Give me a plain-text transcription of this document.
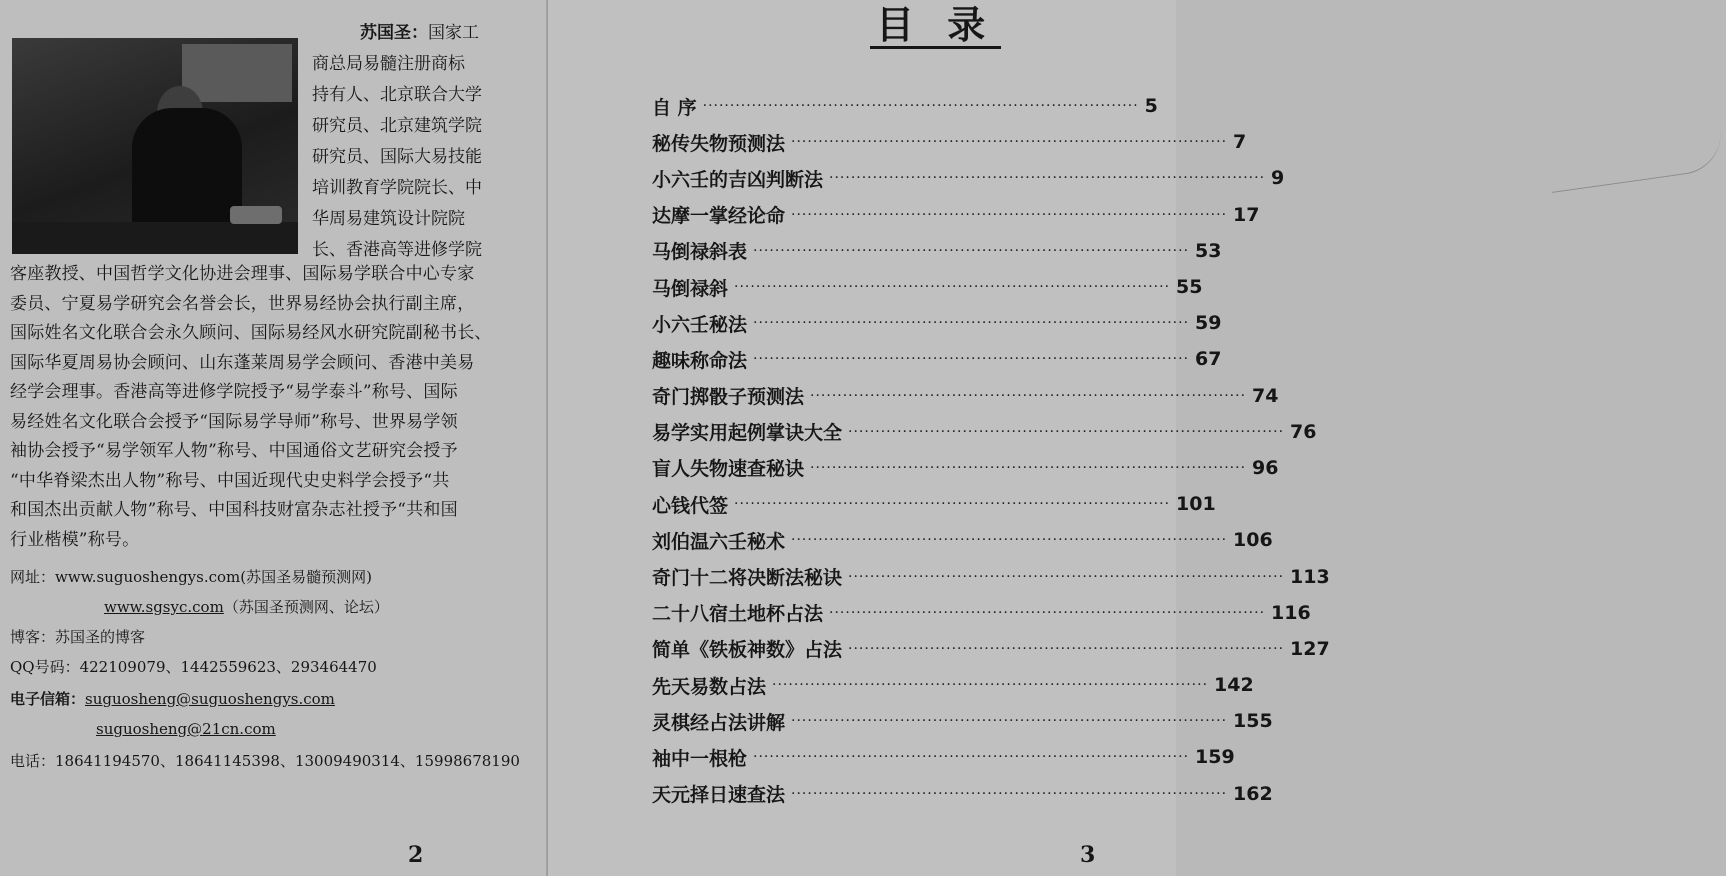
苏国圣：国家工
商总局易髓注册商标
持有人、北京联合大学
研究员、北京建筑学院
研究员、国际大易技能
培训教育学院院长、中
华周易建筑设计院院
长、香港高等进修学院
客座教授、中国哲学文化协进会理事、国际易学联合中心专家
委员、宁夏易学研究会名誉会长，世界易经协会执行副主席，
国际姓名文化联合会永久顾问、国际易经风水研究院副秘书长、
国际华夏周易协会顾问、山东蓬莱周易学会顾问、香港中美易
经学会理事。香港高等进修学院授予“易学泰斗”称号、国际
易经姓名文化联合会授予“国际易学导师”称号、世界易学领
袖协会授予“易学领军人物”称号、中国通俗文艺研究会授予
“中华脊梁杰出人物”称号、中国近现代史史料学会授予“共
和国杰出贡献人物”称号、中国科技财富杂志社授予“共和国
行业楷模”称号。
网址：www.suguoshengys.com(苏国圣易髓预测网)
www.sgsyc.com（苏国圣预测网、论坛）
博客：苏国圣的博客
QQ号码：422109079、1442559623、293464470
电子信箱：suguosheng@suguoshengys.com
suguosheng@21cn.com
电话：18641194570、18641145398、13009490314、15998678190
2
目 录
自 序 ················································································ 5
秘传失物预测法 ················································································ 7
小六壬的吉凶判断法 ················································································ 9
达摩一掌经论命 ················································································ 17
马倒禄斜表 ················································································ 53
马倒禄斜 ················································································ 55
小六壬秘法 ················································································ 59
趣味称命法 ················································································ 67
奇门掷骰子预测法 ················································································ 74
易学实用起例掌诀大全 ················································································ 76
盲人失物速查秘诀 ················································································ 96
心钱代签 ················································································ 101
刘伯温六壬秘术 ················································································ 106
奇门十二将决断法秘诀 ················································································ 113
二十八宿土地杯占法 ················································································ 116
简单《铁板神数》占法 ················································································ 127
先天易数占法 ················································································ 142
灵棋经占法讲解 ················································································ 155
袖中一根枪 ················································································ 159
天元择日速查法 ················································································ 162
3
